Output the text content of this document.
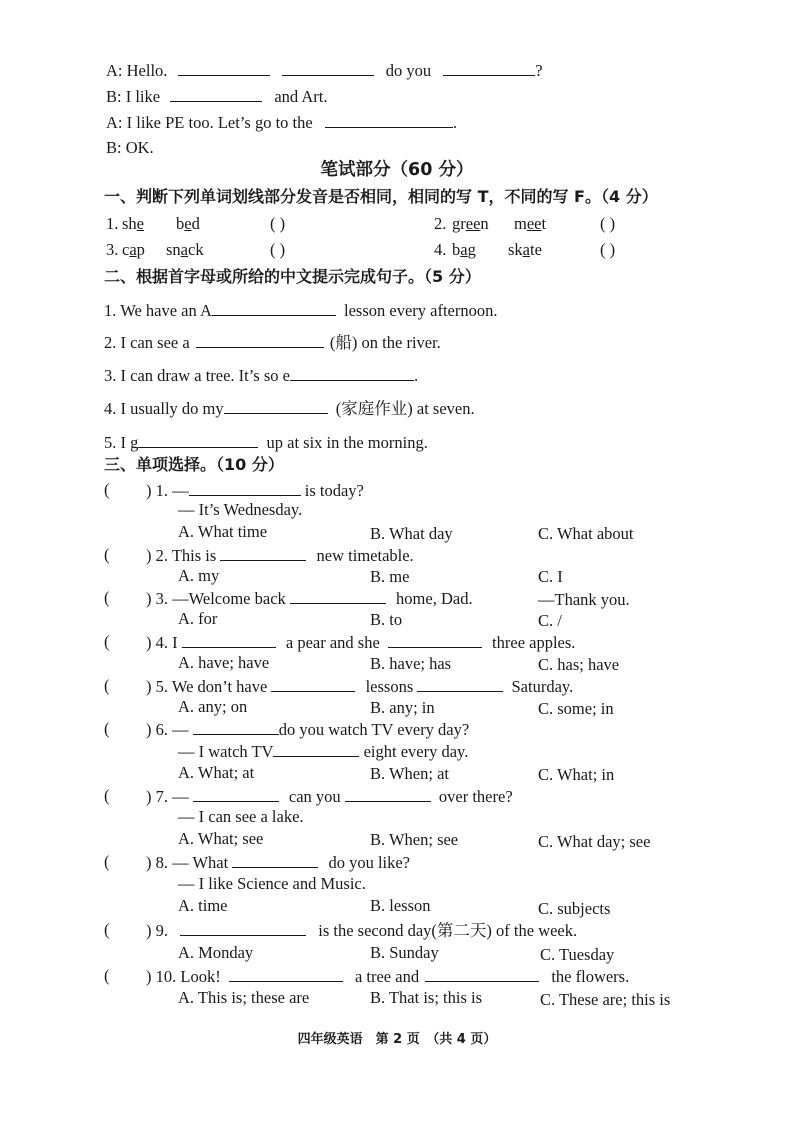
A: Hello.	do you	?
B: I like	and Art.
A: I like PE too. Let’s go to the	.
B: OK.
笔试部分（60 分）
一、判断下列单词划线部分发音是否相同，相同的写 T，不同的写 F。（4 分）
1. she bed	( )	2. green meet	( )
3. cap snack	( )	4. bag skate	( )
二、根据首字母或所给的中文提示完成句子。（5 分）
1. We have an A	lesson every afternoon.
2. I can see a	(船) on the river.
3. I can draw a tree. It’s so e	.
4. I usually do my	(家庭作业) at seven.
5. I g	up at six in the morning.
三、单项选择。（10 分）
( ) 1. —	is today?
— It’s Wednesday.
A. What time	B. What day	C. What about
( ) 2. This is	new timetable.
A. my	B. me	C. I
( ) 3. —Welcome back	home, Dad.	—Thank you.
A. for	B. to	C. /
( ) 4. I	a pear and she	three apples.
A. have; have	B. have; has	C. has; have
( ) 5. We don’t have	lessons	Saturday.
A. any; on	B. any; in	C. some; in
( ) 6. —	do you watch TV every day?
— I watch TV	eight every day.
A. What; at	B. When; at	C. What; in
( ) 7. —	can you	over there?
— I can see a lake.
A. What; see	B. When; see	C. What day; see
( ) 8. — What	do you like?
— I like Science and Music.
A. time	B. lesson	C. subjects
( ) 9.	is the second day(第二天) of the week.
A. Monday	B. Sunday	C. Tuesday
( ) 10. Look!	a tree and	the flowers.
A. This is; these are	B. That is; this is	C. These are; this is
四年级英语　第 2 页　（共 4 页）
